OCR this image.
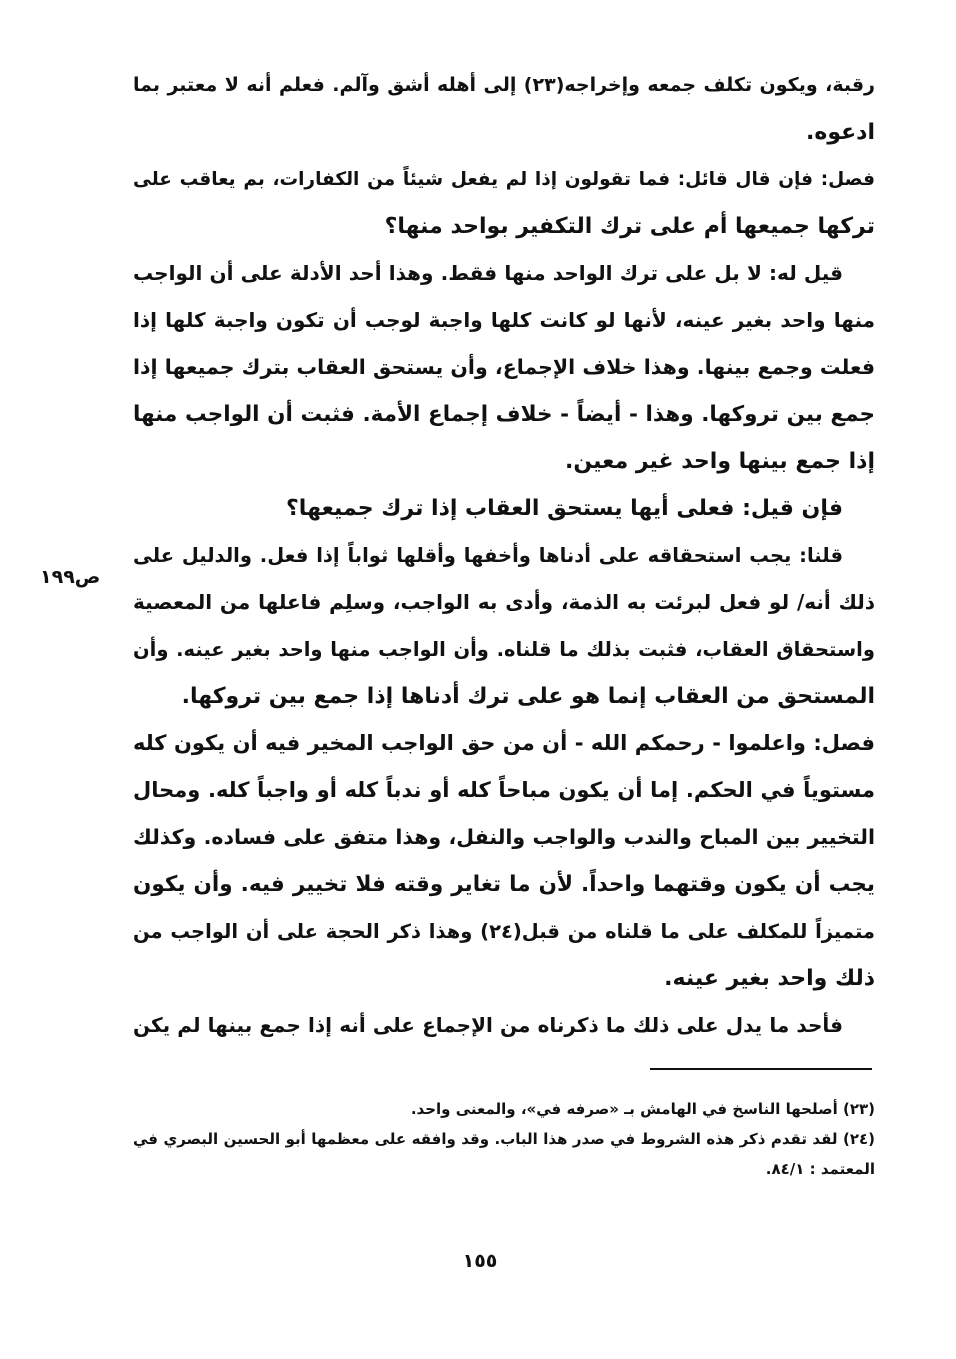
رقبة، ويكون تكلف جمعه وإخراجه(٢٣) إلى أهله أشق وآلم. فعلم أنه لا معتبر بما
ادعوه.
فصل: فإن قال قائل: فما تقولون إذا لم يفعل شيئاً من الكفارات، بم يعاقب على
تركها جميعها أم على ترك التكفير بواحد منها؟
قيل له: لا بل على ترك الواحد منها فقط. وهذا أحد الأدلة على أن الواجب
منها واحد بغير عينه، لأنها لو كانت كلها واجبة لوجب أن تكون واجبة كلها إذا
فعلت وجمع بينها. وهذا خلاف الإجماع، وأن يستحق العقاب بترك جميعها إذا
جمع بين تروكها. وهذا - أيضاً - خلاف إجماع الأمة. فثبت أن الواجب منها
إذا جمع بينها واحد غير معين.
فإن قيل: فعلى أيها يستحق العقاب إذا ترك جميعها؟
قلنا: يجب استحقاقه على أدناها وأخفها وأقلها ثواباً إذا فعل. والدليل على
ذلك أنه/ لو فعل لبرئت به الذمة، وأدى به الواجب، وسلِم فاعلها من المعصية
واستحقاق العقاب، فثبت بذلك ما قلناه. وأن الواجب منها واحد بغير عينه. وأن
المستحق من العقاب إنما هو على ترك أدناها إذا جمع بين تروكها.
فصل: واعلموا - رحمكم الله - أن من حق الواجب المخير فيه أن يكون كله
مستوياً في الحكم. إما أن يكون مباحاً كله أو ندباً كله أو واجباً كله. ومحال
التخيير بين المباح والندب والواجب والنفل، وهذا متفق على فساده. وكذلك
يجب أن يكون وقتهما واحداً. لأن ما تغاير وقته فلا تخيير فيه. وأن يكون
متميزاً للمكلف على ما قلناه من قبل(٢٤) وهذا ذكر الحجة على أن الواجب من
ذلك واحد بغير عينه.
فأحد ما يدل على ذلك ما ذكرناه من الإجماع على أنه إذا جمع بينها لم يكن
ص١٩٩
(٢٣) أصلحها الناسخ في الهامش بـ «صرفه في»، والمعنى واحد.
(٢٤) لقد تقدم ذكر هذه الشروط في صدر هذا الباب. وقد وافقه على معظمها أبو الحسين البصري في
المعتمد : ٨٤/١.
١٥٥
